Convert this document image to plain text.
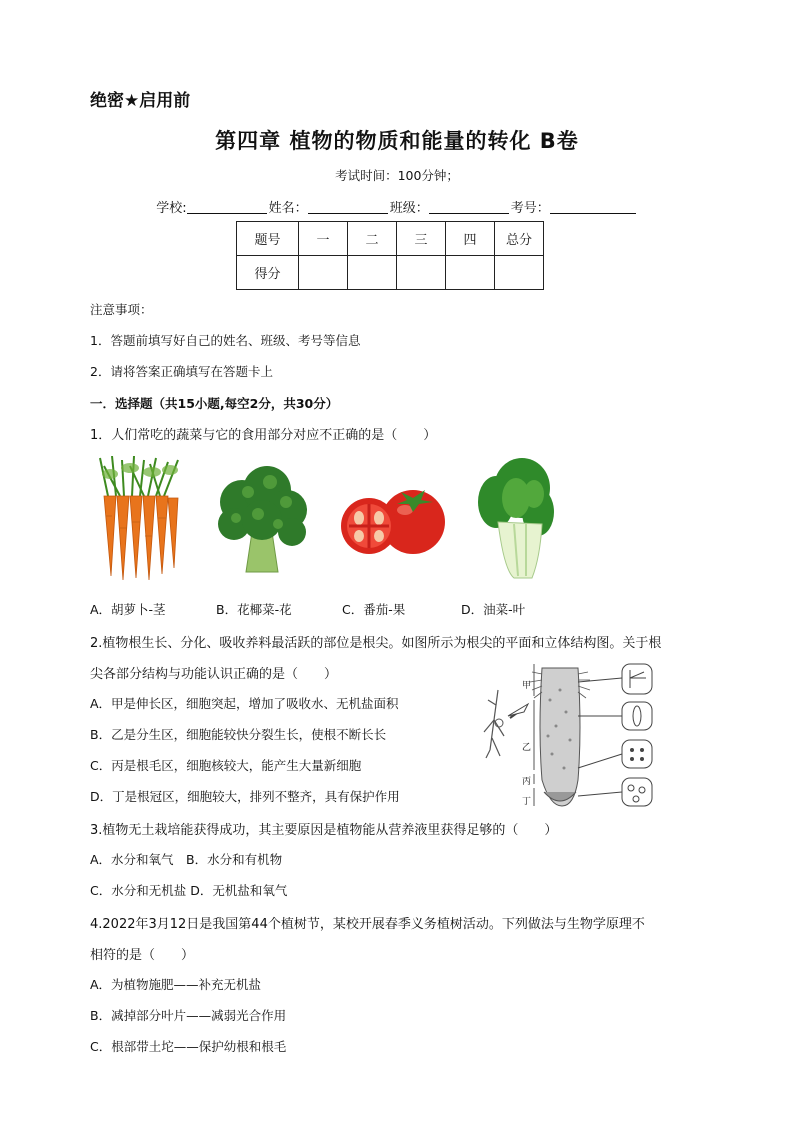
绝密★启用前
第四章 植物的物质和能量的转化 B卷
考试时间：100分钟；
学校:	姓名：	班级：	考号：
题号	一	二	三	四	总分
得分					
注意事项：
1．答题前填写好自己的姓名、班级、考号等信息
2．请将答案正确填写在答题卡上
一．选择题（共15小题,每空2分，共30分）
1．人们常吃的蔬菜与它的食用部分对应不正确的是（　　）
A．胡萝卜-茎	B．花椰菜-花	C．番茄-果	D．油菜-叶
2.植物根生长、分化、吸收养料最活跃的部位是根尖。如图所示为根尖的平面和立体结构图。关于根
尖各部分结构与功能认识正确的是（　　）
A．甲是伸长区，细胞突起，增加了吸收水、无机盐面积
B．乙是分生区，细胞能较快分裂生长，使根不断长长
C．丙是根毛区，细胞核较大，能产生大量新细胞
D．丁是根冠区，细胞较大，排列不整齐，具有保护作用
甲
乙
丙
丁
3.植物无土栽培能获得成功，其主要原因是植物能从营养液里获得足够的（　　）
A．水分和氧气　B．水分和有机物
C．水分和无机盐 D．无机盐和氧气
4.2022年3月12日是我国第44个植树节，某校开展春季义务植树活动。下列做法与生物学原理不
相符的是（　　）
A．为植物施肥——补充无机盐
B．减掉部分叶片——减弱光合作用
C．根部带土坨——保护幼根和根毛
